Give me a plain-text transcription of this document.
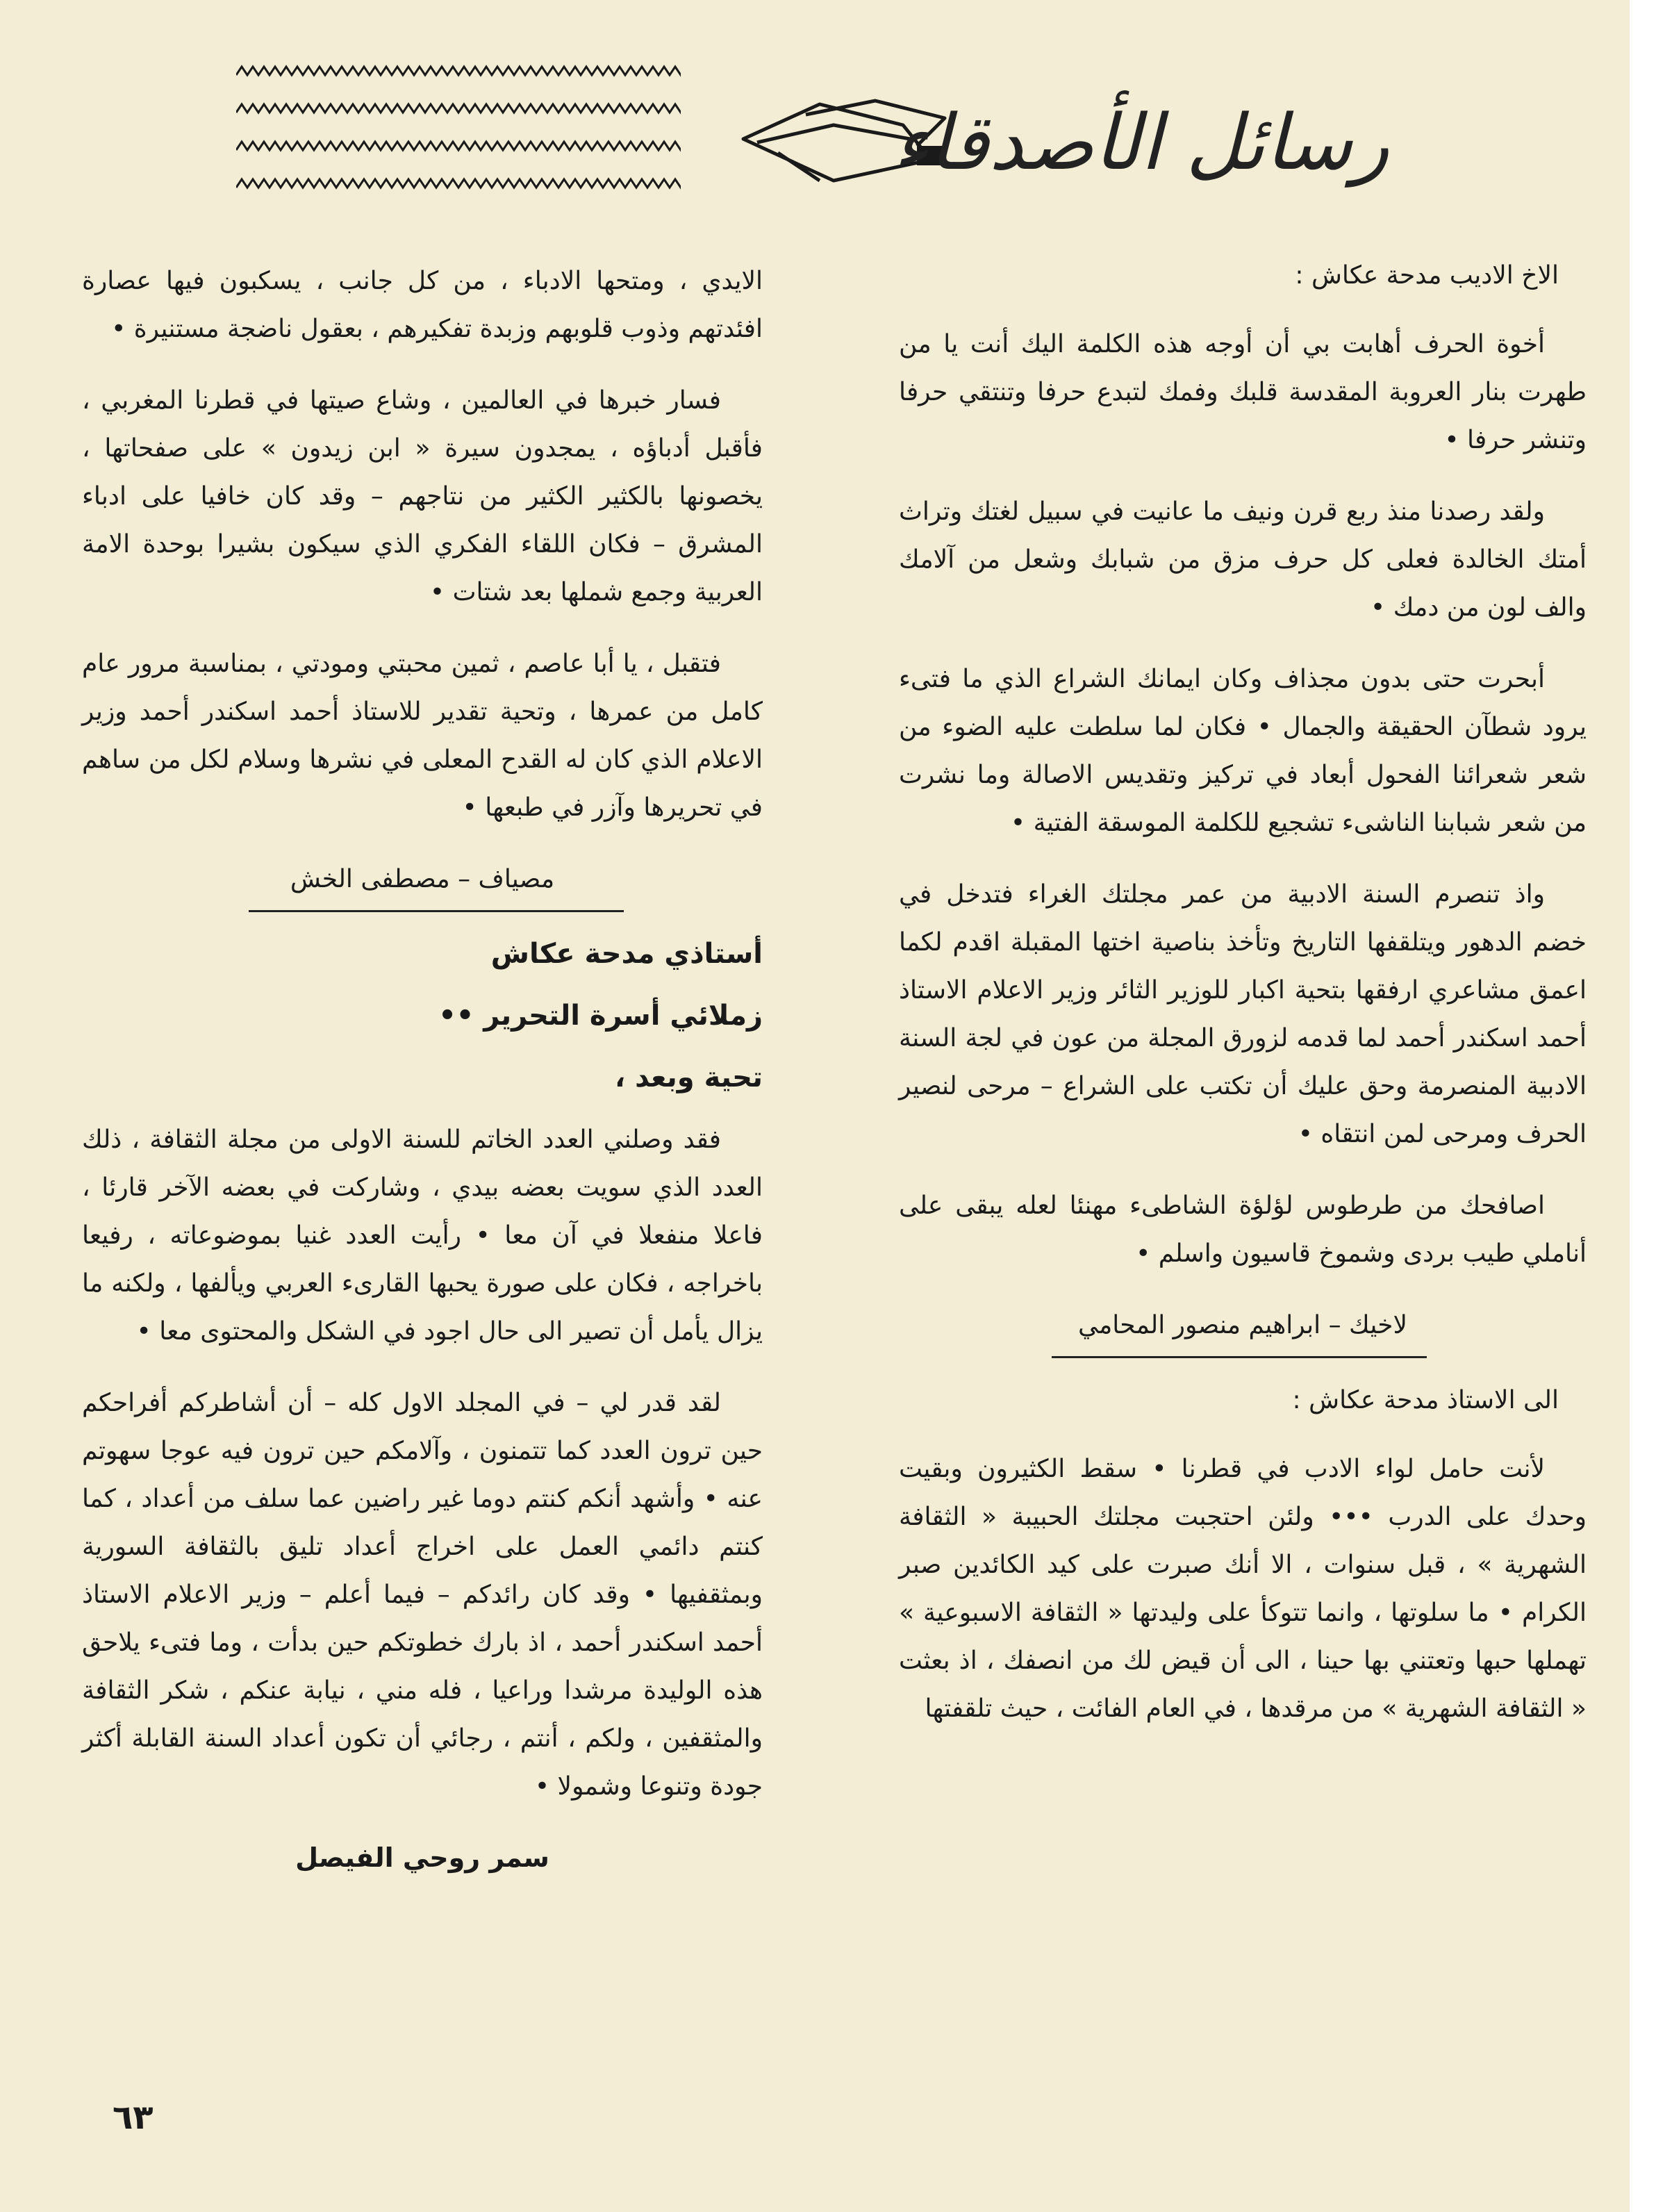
رسائل الأصدقاء

الاخ الاديب مدحة عكاش :

أخوة الحرف أهابت بي أن أوجه هذه الكلمة اليك أنت يا من طهرت بنار العروبة المقدسة قلبك وفمك لتبدع حرفا وتنتقي حرفا وتنشر حرفا •

ولقد رصدنا منذ ربع قرن ونيف ما عانيت في سبيل لغتك وتراث أمتك الخالدة فعلى كل حرف مزق من شبابك وشعل من آلامك والف لون من دمك •

أبحرت حتى بدون مجذاف وكان ايمانك الشراع الذي ما فتىء يرود شطآن الحقيقة والجمال • فكان لما سلطت عليه الضوء من شعر شعرائنا الفحول أبعاد في تركيز وتقديس الاصالة وما نشرت من شعر شبابنا الناشىء تشجيع للكلمة الموسقة الفتية •

واذ تنصرم السنة الادبية من عمر مجلتك الغراء فتدخل في خضم الدهور ويتلقفها التاريخ وتأخذ بناصية اختها المقبلة اقدم لكما اعمق مشاعري ارفقها بتحية اكبار للوزير الثائر وزير الاعلام الاستاذ أحمد اسكندر أحمد لما قدمه لزورق المجلة من عون في لجة السنة الادبية المنصرمة وحق عليك أن تكتب على الشراع – مرحى لنصير الحرف ومرحى لمن انتقاه •

اصافحك من طرطوس لؤلؤة الشاطىء مهنئا لعله يبقى على أناملي طيب بردى وشموخ قاسيون واسلم •

لاخيك – ابراهيم منصور المحامي

الى الاستاذ مدحة عكاش :

لأنت حامل لواء الادب في قطرنا • سقط الكثيرون وبقيت وحدك على الدرب ••• ولئن احتجبت مجلتك الحبيبة « الثقافة الشهرية » ، قبل سنوات ، الا أنك صبرت على كيد الكائدين صبر الكرام • ما سلوتها ، وانما تتوكأ على وليدتها « الثقافة الاسبوعية » تهملها حبها وتعتني بها حينا ، الى أن قيض لك من انصفك ، اذ بعثت « الثقافة الشهرية » من مرقدها ، في العام الفائت ، حيث تلقفتها

الايدي ، ومتحها الادباء ، من كل جانب ، يسكبون فيها عصارة افئدتهم وذوب قلوبهم وزبدة تفكيرهم ، بعقول ناضجة مستنيرة •

فسار خبرها في العالمين ، وشاع صيتها في قطرنا المغربي ، فأقبل أدباؤه ، يمجدون سيرة « ابن زيدون » على صفحاتها ، يخصونها بالكثير الكثير من نتاجهم – وقد كان خافيا على ادباء المشرق – فكان اللقاء الفكري الذي سيكون بشيرا بوحدة الامة العربية وجمع شملها بعد شتات •

فتقبل ، يا أبا عاصم ، ثمين محبتي ومودتي ، بمناسبة مرور عام كامل من عمرها ، وتحية تقدير للاستاذ أحمد اسكندر أحمد وزير الاعلام الذي كان له القدح المعلى في نشرها وسلام لكل من ساهم في تحريرها وآزر في طبعها •

مصياف – مصطفى الخش

أستاذي مدحة عكاش

زملائي أسرة التحرير ••

تحية وبعد ،

فقد وصلني العدد الخاتم للسنة الاولى من مجلة الثقافة ، ذلك العدد الذي سويت بعضه بيدي ، وشاركت في بعضه الآخر قارئا ، فاعلا منفعلا في آن معا • رأيت العدد غنيا بموضوعاته ، رفيعا باخراجه ، فكان على صورة يحبها القارىء العربي ويألفها ، ولكنه ما يزال يأمل أن تصير الى حال اجود في الشكل والمحتوى معا •

لقد قدر لي – في المجلد الاول كله – أن أشاطركم أفراحكم حين ترون العدد كما تتمنون ، وآلامكم حين ترون فيه عوجا سهوتم عنه • وأشهد أنكم كنتم دوما غير راضين عما سلف من أعداد ، كما كنتم دائمي العمل على اخراج أعداد تليق بالثقافة السورية وبمثقفيها • وقد كان رائدكم – فيما أعلم – وزير الاعلام الاستاذ أحمد اسكندر أحمد ، اذ بارك خطوتكم حين بدأت ، وما فتىء يلاحق هذه الوليدة مرشدا وراعيا ، فله مني ، نيابة عنكم ، شكر الثقافة والمثقفين ، ولكم ، أنتم ، رجائي أن تكون أعداد السنة القابلة أكثر جودة وتنوعا وشمولا •

سمر روحي الفيصل

٦٣
